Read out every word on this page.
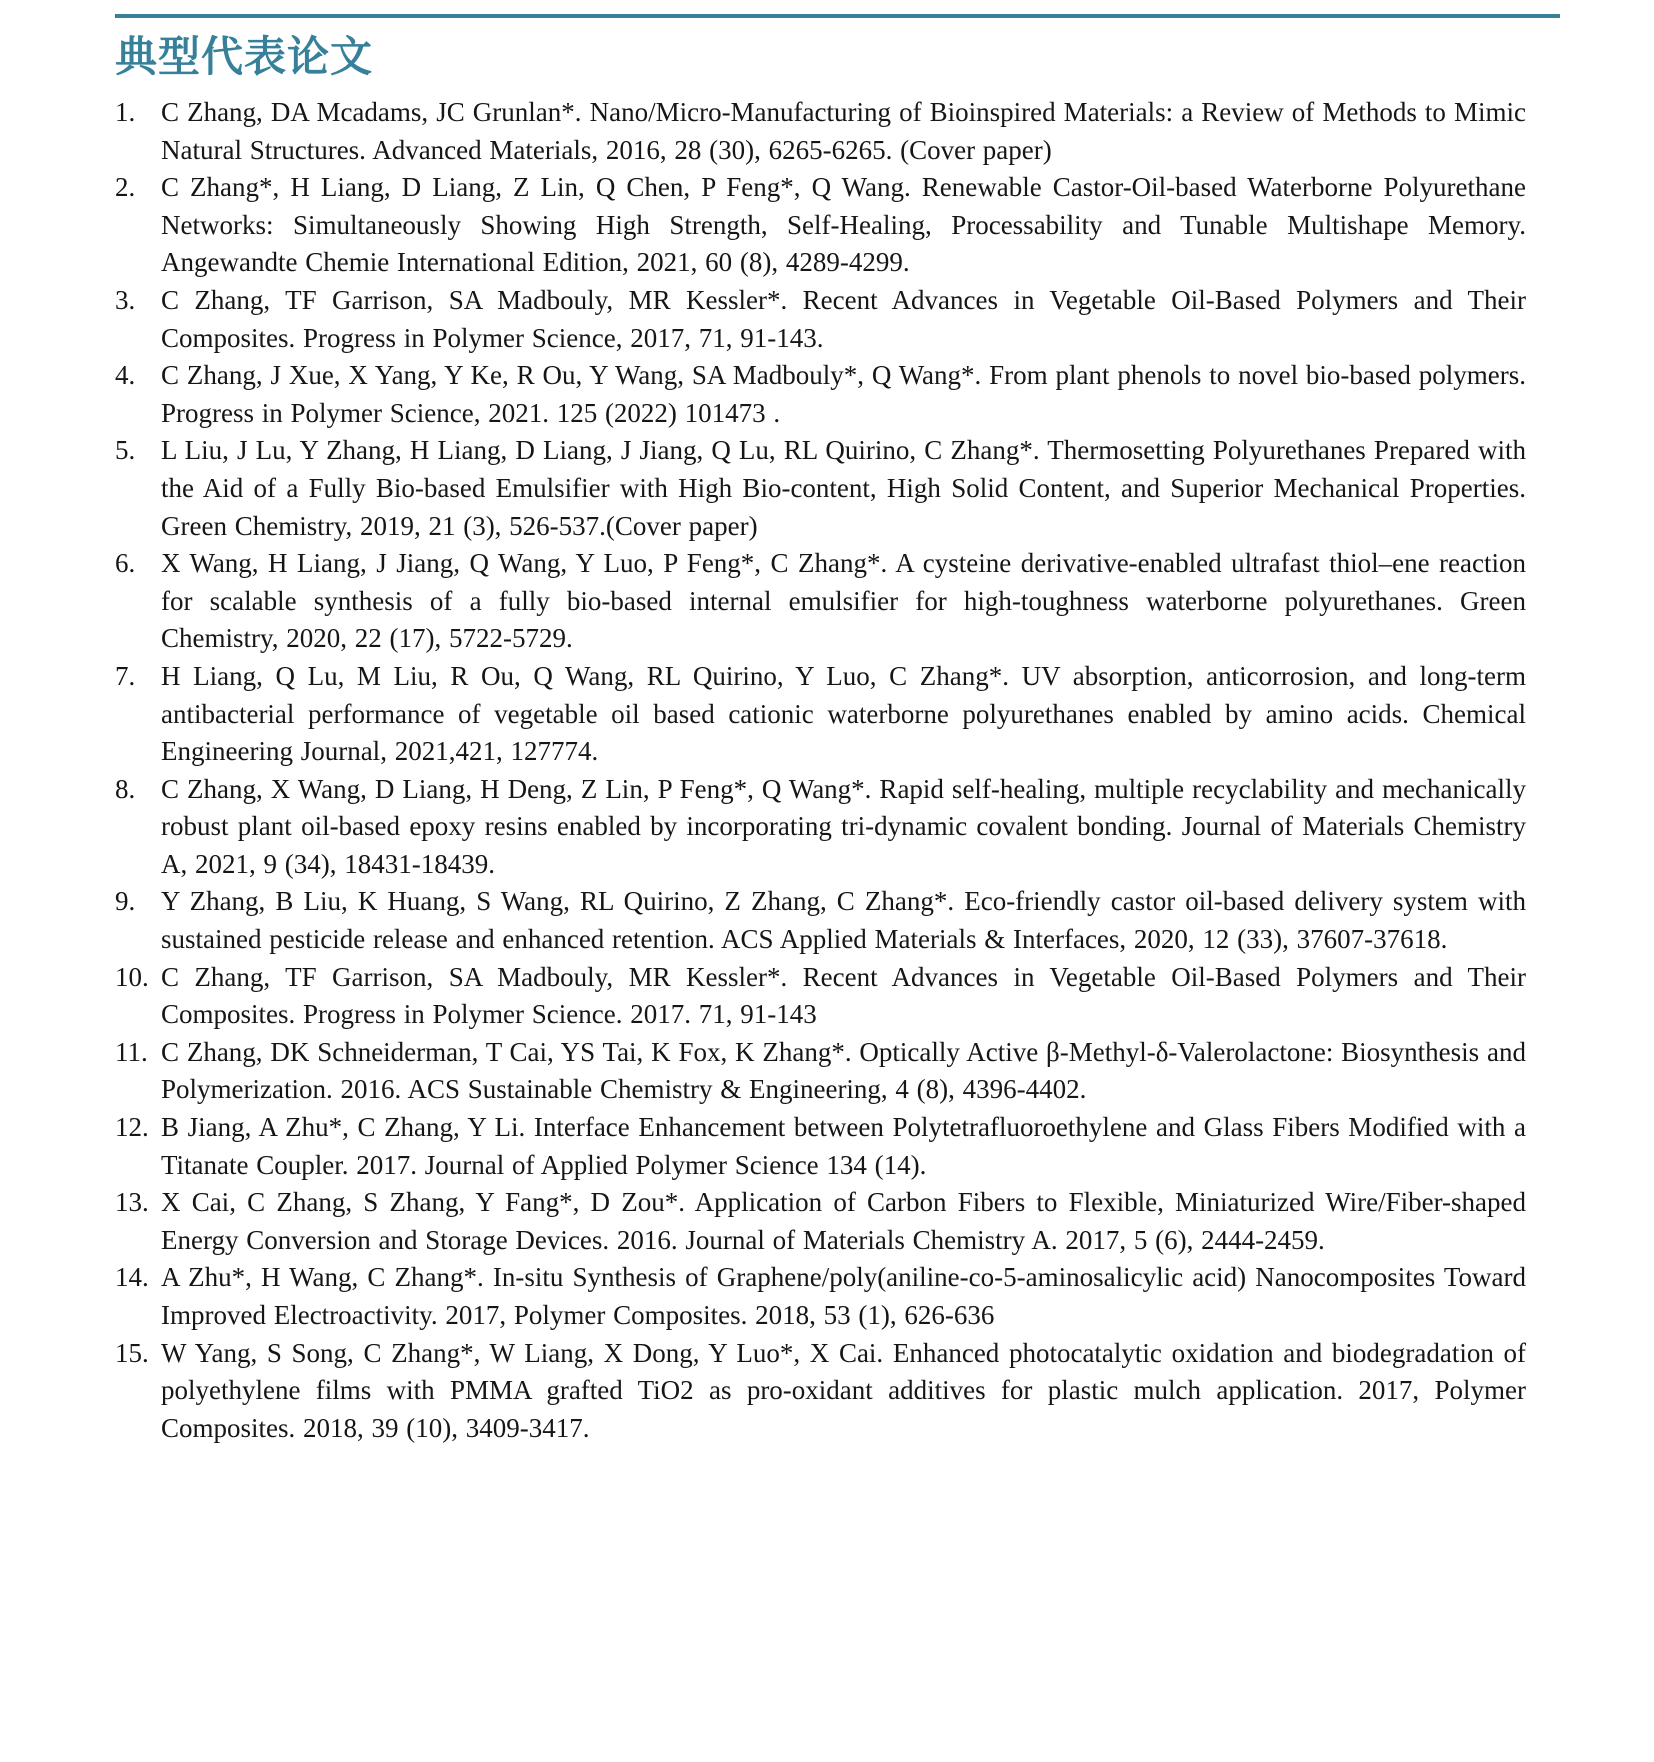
典型代表论文
1. C Zhang, DA Mcadams, JC Grunlan*. Nano/Micro-Manufacturing of Bioinspired Materials: a Review of Methods to Mimic Natural Structures. Advanced Materials, 2016, 28 (30), 6265-6265. (Cover paper)
2. C Zhang*, H Liang, D Liang, Z Lin, Q Chen, P Feng*, Q Wang. Renewable Castor-Oil-based Waterborne Polyurethane Networks: Simultaneously Showing High Strength, Self-Healing, Processability and Tunable Multishape Memory. Angewandte Chemie International Edition, 2021, 60 (8), 4289-4299.
3. C Zhang, TF Garrison, SA Madbouly, MR Kessler*. Recent Advances in Vegetable Oil-Based Polymers and Their Composites. Progress in Polymer Science, 2017, 71, 91-143.
4. C Zhang, J Xue, X Yang, Y Ke, R Ou, Y Wang, SA Madbouly*, Q Wang*. From plant phenols to novel bio-based polymers. Progress in Polymer Science, 2021. 125 (2022) 101473 .
5. L Liu, J Lu, Y Zhang, H Liang, D Liang, J Jiang, Q Lu, RL Quirino, C Zhang*. Thermosetting Polyurethanes Prepared with the Aid of a Fully Bio-based Emulsifier with High Bio-content, High Solid Content, and Superior Mechanical Properties. Green Chemistry, 2019, 21 (3), 526-537.(Cover paper)
6. X Wang, H Liang, J Jiang, Q Wang, Y Luo, P Feng*, C Zhang*. A cysteine derivative-enabled ultrafast thiol–ene reaction for scalable synthesis of a fully bio-based internal emulsifier for high-toughness waterborne polyurethanes. Green Chemistry, 2020, 22 (17), 5722-5729.
7. H Liang, Q Lu, M Liu, R Ou, Q Wang, RL Quirino, Y Luo, C Zhang*. UV absorption, anticorrosion, and long-term antibacterial performance of vegetable oil based cationic waterborne polyurethanes enabled by amino acids. Chemical Engineering Journal, 2021,421, 127774.
8. C Zhang, X Wang, D Liang, H Deng, Z Lin, P Feng*, Q Wang*. Rapid self-healing, multiple recyclability and mechanically robust plant oil-based epoxy resins enabled by incorporating tri-dynamic covalent bonding. Journal of Materials Chemistry A, 2021, 9 (34), 18431-18439.
9. Y Zhang, B Liu, K Huang, S Wang, RL Quirino, Z Zhang, C Zhang*. Eco-friendly castor oil-based delivery system with sustained pesticide release and enhanced retention. ACS Applied Materials & Interfaces, 2020, 12 (33), 37607-37618.
10. C Zhang, TF Garrison, SA Madbouly, MR Kessler*. Recent Advances in Vegetable Oil-Based Polymers and Their Composites. Progress in Polymer Science. 2017. 71, 91-143
11. C Zhang, DK Schneiderman, T Cai, YS Tai, K Fox, K Zhang*. Optically Active β-Methyl-δ-Valerolactone: Biosynthesis and Polymerization. 2016. ACS Sustainable Chemistry & Engineering, 4 (8), 4396-4402.
12. B Jiang, A Zhu*, C Zhang, Y Li. Interface Enhancement between Polytetrafluoroethylene and Glass Fibers Modified with a Titanate Coupler. 2017. Journal of Applied Polymer Science 134 (14).
13. X Cai, C Zhang, S Zhang, Y Fang*, D Zou*. Application of Carbon Fibers to Flexible, Miniaturized Wire/Fiber-shaped Energy Conversion and Storage Devices. 2016. Journal of Materials Chemistry A. 2017, 5 (6), 2444-2459.
14. A Zhu*, H Wang, C Zhang*. In-situ Synthesis of Graphene/poly(aniline-co-5-aminosalicylic acid) Nanocomposites Toward Improved Electroactivity. 2017, Polymer Composites. 2018, 53 (1), 626-636
15. W Yang, S Song, C Zhang*, W Liang, X Dong, Y Luo*, X Cai. Enhanced photocatalytic oxidation and biodegradation of polyethylene films with PMMA grafted TiO2 as pro-oxidant additives for plastic mulch application. 2017, Polymer Composites. 2018, 39 (10), 3409-3417.
